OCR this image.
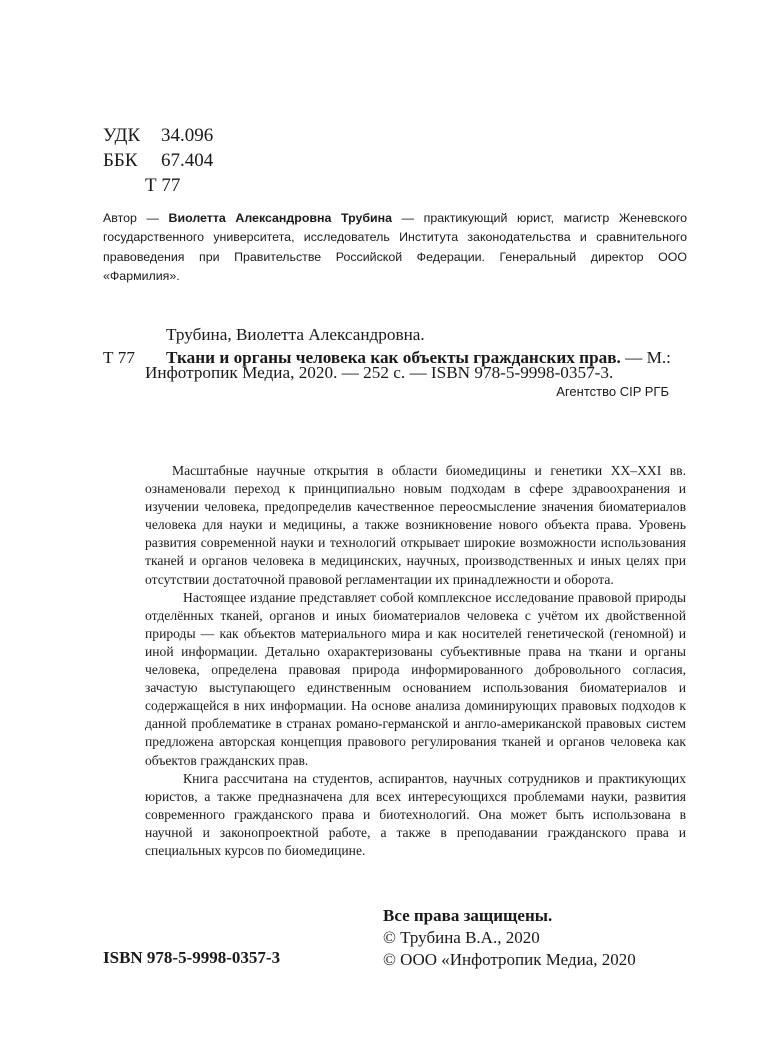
УДК 34.096
ББК 67.404
Т 77
Автор — Виолетта Александровна Трубина — практикующий юрист, магистр Женевского государственного университета, исследователь Института законодательства и сравнительного правоведения при Правительстве Российской Федерации. Генеральный директор ООО «Фармилия».
Трубина, Виолетта Александровна.
Т 77 Ткани и органы человека как объекты гражданских прав. — М.:
Инфотропик Медиа, 2020. — 252 с. — ISBN 978-5-9998-0357-3.
Агентство CIP РГБ

Масштабные научные открытия в области биомедицины и генетики XX–XXI вв. ознаменовали переход к принципиально новым подходам в сфере здравоохранения и изучении человека, предопределив качественное переосмысление значения биоматериалов человека для науки и медицины, а также возникновение нового объекта права. Уровень развития современной науки и технологий открывает широкие возможности использования тканей и органов человека в медицинских, научных, производственных и иных целях при отсутствии достаточной правовой регламентации их принадлежности и оборота.

Настоящее издание представляет собой комплексное исследование правовой природы отделённых тканей, органов и иных биоматериалов человека с учётом их двойственной природы — как объектов материального мира и как носителей генетической (геномной) и иной информации. Детально охарактеризованы субъективные права на ткани и органы человека, определена правовая природа информированного добровольного согласия, зачастую выступающего единственным основанием использования биоматериалов и содержащейся в них информации. На основе анализа доминирующих правовых подходов к данной проблематике в странах романо-германской и англо-американской правовых систем предложена авторская концепция правового регулирования тканей и органов человека как объектов гражданских прав.

Книга рассчитана на студентов, аспирантов, научных сотрудников и практикующих юристов, а также предназначена для всех интересующихся проблемами науки, развития современного гражданского права и биотехнологий. Она может быть использована в научной и законопроектной работе, а также в преподавании гражданского права и специальных курсов по биомедицине.

Все права защищены.
© Трубина В.А., 2020
© ООО «Инфотропик Медиа, 2020
ISBN 978-5-9998-0357-3
